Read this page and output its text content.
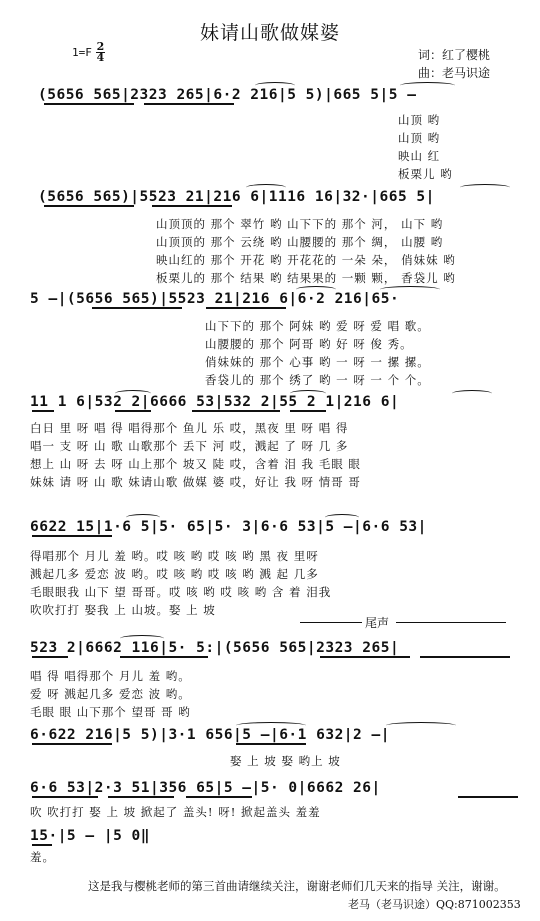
妹请山歌做媒婆
1=F 2
4	词：红了樱桃
曲：老马识途
(5656 565|2323 265|6·2 216|5 5)|665 5|5 –
山顶 哟
山顶 哟
映山 红
板栗儿 哟
(5656 565)|5523 21|216 6|1116 16|32·|665 5|
山顶顶的 那个 翠竹 哟 山下下的 那个 河， 山下 哟
山顶顶的 那个 云绕 哟 山腰腰的 那个 绸， 山腰 哟
映山红的 那个 开花 哟 开花花的 一朵 朵， 俏妹妹 哟
板栗儿的 那个 结果 哟 结果果的 一颗 颗， 香袋儿 哟
5 –|(5656 565)|5523 21|216 6|6·2 216|65·
山下下的 那个 阿妹 哟 爱 呀 爱 唱 歌。
山腰腰的 那个 阿哥 哟 好 呀 俊 秀。
俏妹妹的 那个 心事 哟 一 呀 一 摞 摞。
香袋儿的 那个 绣了 哟 一 呀 一 个 个。
11 1 6|532 2|6666 53|532 2|55 2 1|216 6|
白日 里 呀 唱 得 唱得那个 鱼儿 乐 哎，黑夜 里 呀 唱 得
唱一 支 呀 山 歌 山歌那个 丢下 河 哎，溅起 了 呀 几 多
想上 山 呀 去 呀 山上那个 坡又 陡 哎，含着 泪 我 毛眼 眼
妹妹 请 呀 山 歌 妹请山歌 做媒 婆 哎，好让 我 呀 情哥 哥
6622 15|1·6 5|5· 65|5· 3|6·6 53|5 –|6·6 53|
得唱那个 月儿 羞 哟。哎 咳 哟 哎 咳 哟 黑 夜 里呀
溅起几多 爱恋 波 哟。哎 咳 哟 哎 咳 哟 溅 起 几多
毛眼眼我 山下 望 哥哥。哎 咳 哟 哎 咳 哟 含 着 泪我
吹吹打打 娶我 上 山坡。娶 上 坡
尾声
523 2|6662 116|5· 5:|(5656 565|2323 265|
唱 得 唱得那个 月儿 羞 哟。
爱 呀 溅起几多 爱恋 波 哟。
毛眼 眼 山下那个 望哥 哥 哟
6·622 216|5 5)|3·1 656|5 –|6·1 632|2 –|
娶 上 坡 娶 哟上 坡
6·6 53|2·3 51|356 65|5 –|5· 0|6662 26|
吹 吹打打 娶 上 坡 掀起了 盖头! 呀! 掀起盖头 羞羞
15·|5 – |5 0‖
羞。
这是我与樱桃老师的第三首曲请继续关注，谢谢老师们几天来的指导 关注，谢谢。
老马（老马识途）QQ:871002353
